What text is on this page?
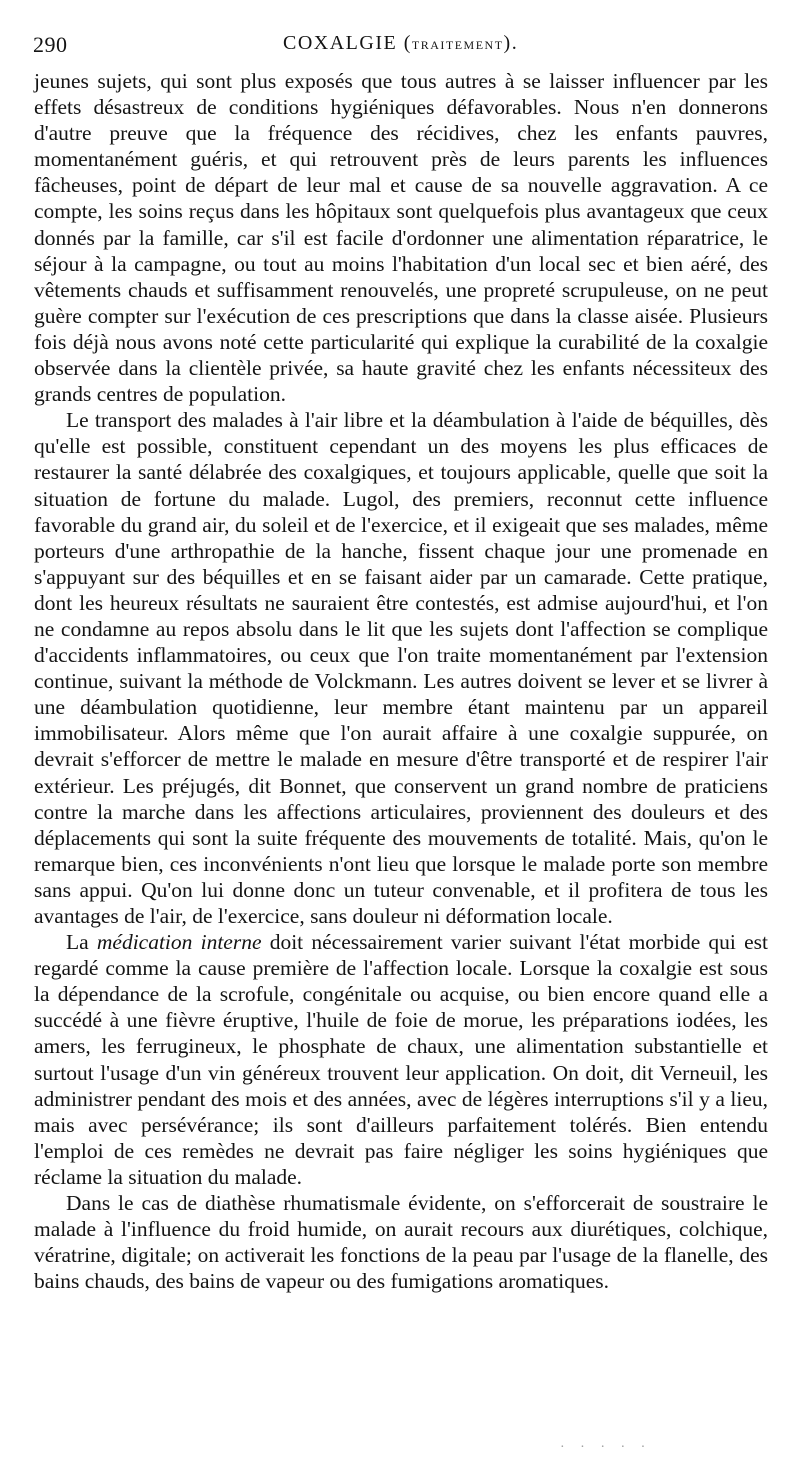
290	COXALGIE (TRAITEMENT).

jeunes sujets, qui sont plus exposés que tous autres à se laisser influencer par les effets désastreux de conditions hygiéniques défavorables. Nous n'en donnerons d'autre preuve que la fréquence des récidives, chez les enfants pauvres, momentanément guéris, et qui retrouvent près de leurs parents les influences fâcheuses, point de départ de leur mal et cause de sa nouvelle aggravation. A ce compte, les soins reçus dans les hôpitaux sont quelquefois plus avantageux que ceux donnés par la famille, car s'il est facile d'ordonner une alimentation réparatrice, le séjour à la campagne, ou tout au moins l'habitation d'un local sec et bien aéré, des vêtements chauds et suffisamment renouvelés, une propreté scrupuleuse, on ne peut guère compter sur l'exécution de ces prescriptions que dans la classe aisée. Plusieurs fois déjà nous avons noté cette particularité qui explique la curabilité de la coxalgie observée dans la clientèle privée, sa haute gravité chez les enfants nécessiteux des grands centres de population.

Le transport des malades à l'air libre et la déambulation à l'aide de béquilles, dès qu'elle est possible, constituent cependant un des moyens les plus efficaces de restaurer la santé délabrée des coxalgiques, et toujours applicable, quelle que soit la situation de fortune du malade. Lugol, des premiers, reconnut cette influence favorable du grand air, du soleil et de l'exercice, et il exigeait que ses malades, même porteurs d'une arthropathie de la hanche, fissent chaque jour une promenade en s'appuyant sur des béquilles et en se faisant aider par un camarade. Cette pratique, dont les heureux résultats ne sauraient être contestés, est admise aujourd'hui, et l'on ne condamne au repos absolu dans le lit que les sujets dont l'affection se complique d'accidents inflammatoires, ou ceux que l'on traite momentanément par l'extension continue, suivant la méthode de Volckmann. Les autres doivent se lever et se livrer à une déambulation quotidienne, leur membre étant maintenu par un appareil immobilisateur. Alors même que l'on aurait affaire à une coxalgie suppurée, on devrait s'efforcer de mettre le malade en mesure d'être transporté et de respirer l'air extérieur. Les préjugés, dit Bonnet, que conservent un grand nombre de praticiens contre la marche dans les affections articulaires, proviennent des douleurs et des déplacements qui sont la suite fréquente des mouvements de totalité. Mais, qu'on le remarque bien, ces inconvénients n'ont lieu que lorsque le malade porte son membre sans appui. Qu'on lui donne donc un tuteur convenable, et il profitera de tous les avantages de l'air, de l'exercice, sans douleur ni déformation locale.

La médication interne doit nécessairement varier suivant l'état morbide qui est regardé comme la cause première de l'affection locale. Lorsque la coxalgie est sous la dépendance de la scrofule, congénitale ou acquise, ou bien encore quand elle a succédé à une fièvre éruptive, l'huile de foie de morue, les préparations iodées, les amers, les ferrugineux, le phosphate de chaux, une alimentation substantielle et surtout l'usage d'un vin généreux trouvent leur application. On doit, dit Verneuil, les administrer pendant des mois et des années, avec de légères interruptions s'il y a lieu, mais avec persévérance; ils sont d'ailleurs parfaitement tolérés. Bien entendu l'emploi de ces remèdes ne devrait pas faire négliger les soins hygiéniques que réclame la situation du malade.

Dans le cas de diathèse rhumatismale évidente, on s'efforcerait de soustraire le malade à l'influence du froid humide, on aurait recours aux diurétiques, colchique, vératrine, digitale; on activerait les fonctions de la peau par l'usage de la flanelle, des bains chauds, des bains de vapeur ou des fumigations aromatiques.

· · · · ·
